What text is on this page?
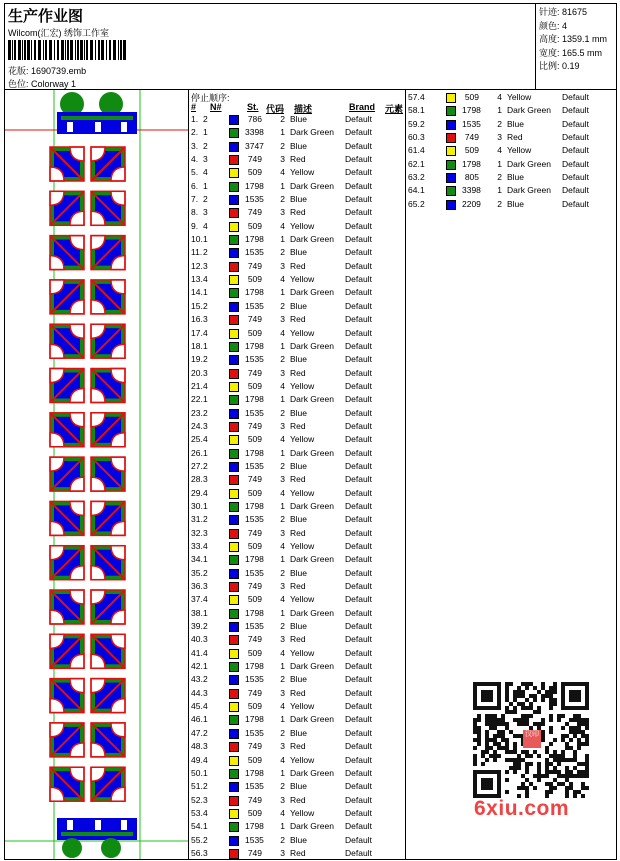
生产作业图
Wilcom(汇宏) 绣饰工作室
花版: 1690739.emb
色位: Colorway 1
针迹: 81675
颜色: 4
高度: 1359.1 mm
宽度: 165.5 mm
比例: 0.19
停止顺序:
# N#	St. 代码 描述	Brand 元素
1. 2	786	2 Blue	Default
2. 1	3398	1 Dark Green Default
3. 2	3747	2 Blue	Default
4. 3	749	3 Red	Default
5. 4	509	4 Yellow	Default
6. 1	1798	1 Dark Green Default
7. 2	1535	2 Blue	Default
8. 3	749	3 Red	Default
9. 4	509	4 Yellow	Default
10. 1	1798	1 Dark Green Default
11. 2	1535	2 Blue	Default
12. 3	749	3 Red	Default
13. 4	509	4 Yellow	Default
14. 1	1798	1 Dark Green Default
15. 2	1535	2 Blue	Default
16. 3	749	3 Red	Default
17. 4	509	4 Yellow	Default
18. 1	1798	1 Dark Green Default
19. 2	1535	2 Blue	Default
20. 3	749	3 Red	Default
21. 4	509	4 Yellow	Default
22. 1	1798	1 Dark Green Default
23. 2	1535	2 Blue	Default
24. 3	749	3 Red	Default
25. 4	509	4 Yellow	Default
26. 1	1798	1 Dark Green Default
27. 2	1535	2 Blue	Default
28. 3	749	3 Red	Default
29. 4	509	4 Yellow	Default
30. 1	1798	1 Dark Green Default
31. 2	1535	2 Blue	Default
32. 3	749	3 Red	Default
33. 4	509	4 Yellow	Default
34. 1	1798	1 Dark Green Default
35. 2	1535	2 Blue	Default
36. 3	749	3 Red	Default
37. 4	509	4 Yellow	Default
38. 1	1798	1 Dark Green Default
39. 2	1535	2 Blue	Default
40. 3	749	3 Red	Default
41. 4	509	4 Yellow	Default
42. 1	1798	1 Dark Green Default
43. 2	1535	2 Blue	Default
44. 3	749	3 Red	Default
45. 4	509	4 Yellow	Default
46. 1	1798	1 Dark Green Default
47. 2	1535	2 Blue	Default
48. 3	749	3 Red	Default
49. 4	509	4 Yellow	Default
50. 1	1798	1 Dark Green Default
51. 2	1535	2 Blue	Default
52. 3	749	3 Red	Default
53. 4	509	4 Yellow	Default
54. 1	1798	1 Dark Green Default
55. 2	1535	2 Blue	Default
56. 3	749	3 Red	Default
57. 4	509	4 Yellow	Default
58. 1	1798	1 Dark Green Default
59. 2	1535	2 Blue	Default
60. 3	749	3 Red	Default
61. 4	509	4 Yellow	Default
62. 1	1798	1 Dark Green Default
63. 2	805	2 Blue	Default
64. 1	3398	1 Dark Green Default
65. 2	2209	2 Blue	Default
汉印
6xiu.com
